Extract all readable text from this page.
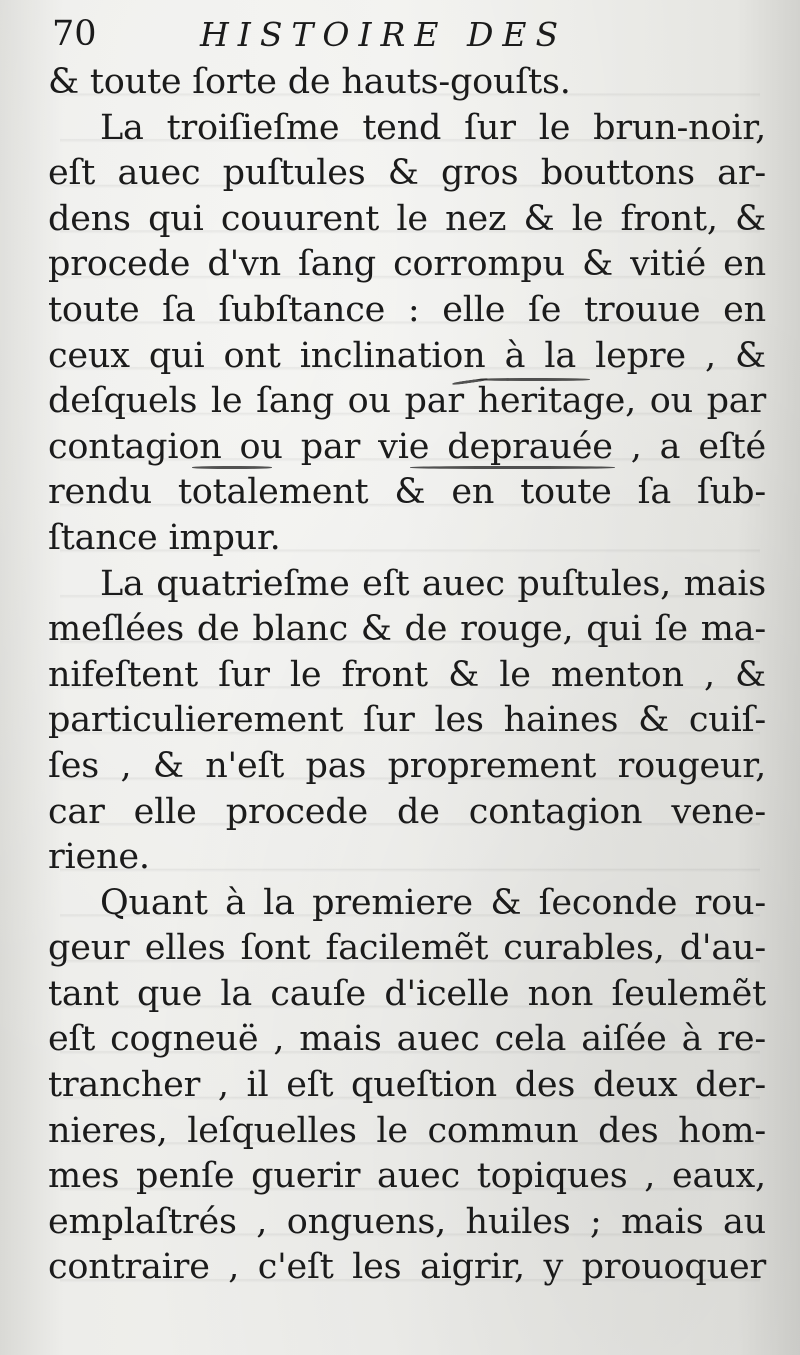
70	HISTOIRE DES
& toute ſorte de hauts-gouſts.
La troiſieſme tend ſur le brun-noir,
eſt auec puſtules & gros bouttons ar-
dens qui couurent le nez & le front, &
procede d'vn ſang corrompu & vitié en
toute ſa ſubſtance : elle ſe trouue en
ceux qui ont inclination à la lepre , &
deſquels le ſang ou par heritage, ou par
contagion ou par vie deprauée , a eſté
rendu totalement & en toute ſa ſub-
ſtance impur.
La quatrieſme eſt auec puſtules, mais
meſlées de blanc & de rouge, qui ſe ma-
nifeſtent ſur le front & le menton , &
particulierement ſur les haines & cuiſ-
ſes , & n'eſt pas proprement rougeur,
car elle procede de contagion vene-
riene.
Quant à la premiere & ſeconde rou-
geur elles ſont facilemẽt curables, d'au-
tant que la cauſe d'icelle non ſeulemẽt
eſt cogneuë , mais auec cela aiſée à re-
trancher , il eſt queſtion des deux der-
nieres, leſquelles le commun des hom-
mes penſe guerir auec topiques , eaux,
emplaſtrés , onguens, huiles ; mais au
contraire , c'eſt les aigrir, y prouoquer
